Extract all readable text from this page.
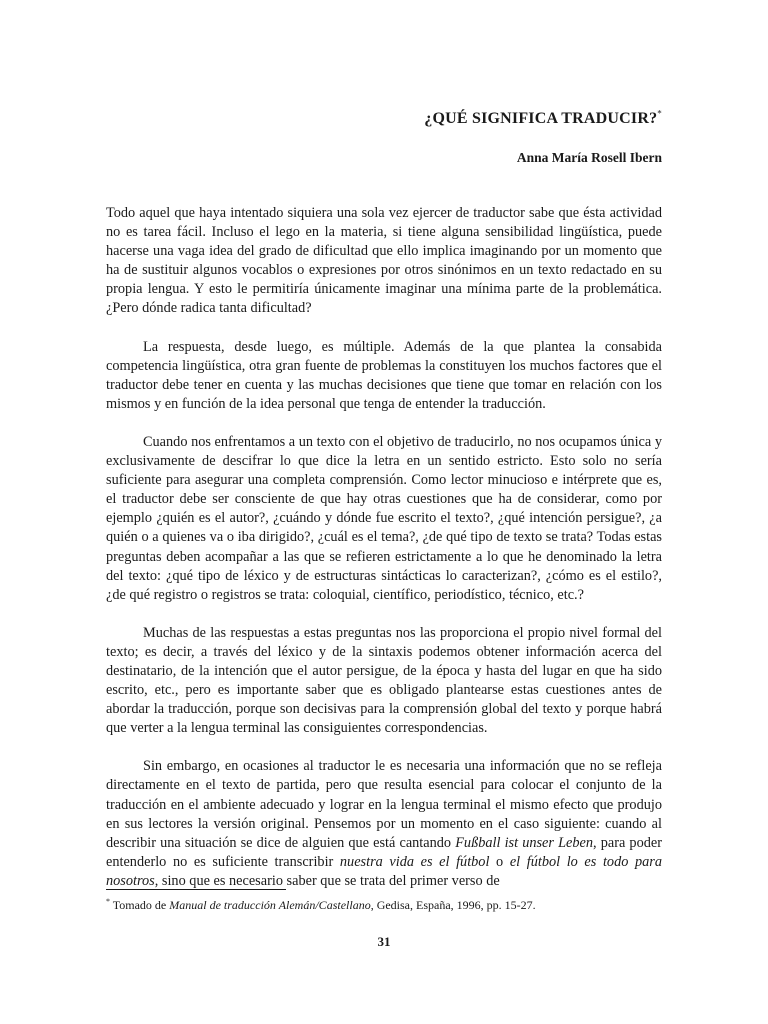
¿QUÉ SIGNIFICA TRADUCIR?*
Anna María Rosell Ibern

Todo aquel que haya intentado siquiera una sola vez ejercer de traductor sabe que ésta actividad no es tarea fácil. Incluso el lego en la materia, si tiene alguna sensibilidad lingüística, puede hacerse una vaga idea del grado de dificultad que ello implica imaginando por un momento que ha de sustituir algunos vocablos o expresiones por otros sinónimos en un texto redactado en su propia lengua. Y esto le permitiría únicamente imaginar una mínima parte de la problemática. ¿Pero dónde radica tanta dificultad?

La respuesta, desde luego, es múltiple. Además de la que plantea la consabida competencia lingüística, otra gran fuente de problemas la constituyen los muchos factores que el traductor debe tener en cuenta y las muchas decisiones que tiene que tomar en relación con los mismos y en función de la idea personal que tenga de entender la traducción.

Cuando nos enfrentamos a un texto con el objetivo de traducirlo, no nos ocupamos única y exclusivamente de descifrar lo que dice la letra en un sentido estricto. Esto solo no sería suficiente para asegurar una completa comprensión. Como lector minucioso e intérprete que es, el traductor debe ser consciente de que hay otras cuestiones que ha de considerar, como por ejemplo ¿quién es el autor?, ¿cuándo y dónde fue escrito el texto?, ¿qué intención persigue?, ¿a quién o a quienes va o iba dirigido?, ¿cuál es el tema?, ¿de qué tipo de texto se trata? Todas estas preguntas deben acompañar a las que se refieren estrictamente a lo que he denominado la letra del texto: ¿qué tipo de léxico y de estructuras sintácticas lo caracterizan?, ¿cómo es el estilo?, ¿de qué registro o registros se trata: coloquial, científico, periodístico, técnico, etc.?

Muchas de las respuestas a estas preguntas nos las proporciona el propio nivel formal del texto; es decir, a través del léxico y de la sintaxis podemos obtener información acerca del destinatario, de la intención que el autor persigue, de la época y hasta del lugar en que ha sido escrito, etc., pero es importante saber que es obligado plantearse estas cuestiones antes de abordar la traducción, porque son decisivas para la comprensión global del texto y porque habrá que verter a la lengua terminal las consiguientes correspondencias.

Sin embargo, en ocasiones al traductor le es necesaria una información que no se refleja directamente en el texto de partida, pero que resulta esencial para colocar el conjunto de la traducción en el ambiente adecuado y lograr en la lengua terminal el mismo efecto que produjo en sus lectores la versión original. Pensemos por un momento en el caso siguiente: cuando al describir una situación se dice de alguien que está cantando Fußball ist unser Leben, para poder entenderlo no es suficiente transcribir nuestra vida es el fútbol o el fútbol lo es todo para nosotros, sino que es necesario saber que se trata del primer verso de

* Tomado de Manual de traducción Alemán/Castellano, Gedisa, España, 1996, pp. 15-27.
31
